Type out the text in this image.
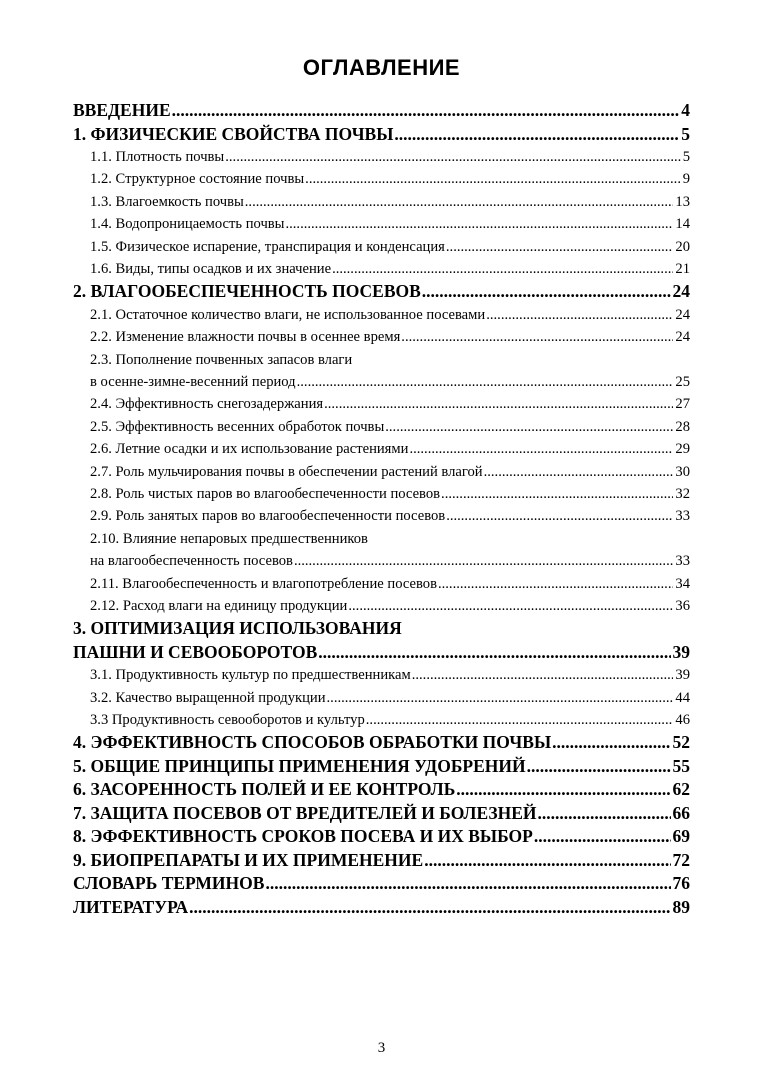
ОГЛАВЛЕНИЕ
ВВЕДЕНИЕ .....	4
1. ФИЗИЧЕСКИЕ СВОЙСТВА ПОЧВЫ .....	5
1.1. Плотность почвы .....	5
1.2. Структурное состояние почвы .....	9
1.3. Влагоемкость почвы .....	13
1.4. Водопроницаемость почвы .....	14
1.5. Физическое испарение, транспирация и конденсация .....	20
1.6. Виды, типы осадков и их значение .....	21
2. ВЛАГООБЕСПЕЧЕННОСТЬ ПОСЕВОВ .....	24
2.1. Остаточное количество влаги, не использованное посевами .....	24
2.2. Изменение влажности почвы в осеннее время .....	24
2.3. Пополнение почвенных запасов влаги
в осенне-зимне-весенний период .....	25
2.4. Эффективность снегозадержания .....	27
2.5. Эффективность весенних обработок почвы .....	28
2.6. Летние осадки и их использование растениями .....	29
2.7. Роль мульчирования почвы в обеспечении растений влагой .....	30
2.8. Роль чистых паров во влагообеспеченности посевов .....	32
2.9. Роль занятых паров во влагообеспеченности посевов .....	33
2.10. Влияние непаровых предшественников
на влагообеспеченность посевов .....	33
2.11. Влагообеспеченность и влагопотребление посевов .....	34
2.12. Расход влаги на единицу продукции .....	36
3. ОПТИМИЗАЦИЯ ИСПОЛЬЗОВАНИЯ
ПАШНИ И СЕВООБОРОТОВ .....	39
3.1. Продуктивность культур по предшественникам .....	39
3.2. Качество выращенной продукции .....	44
3.3 Продуктивность севооборотов и культур .....	46
4. ЭФФЕКТИВНОСТЬ СПОСОБОВ ОБРАБОТКИ ПОЧВЫ .....	52
5. ОБЩИЕ ПРИНЦИПЫ ПРИМЕНЕНИЯ УДОБРЕНИЙ .....	55
6. ЗАСОРЕННОСТЬ ПОЛЕЙ И ЕЕ КОНТРОЛЬ .....	62
7. ЗАЩИТА ПОСЕВОВ ОТ ВРЕДИТЕЛЕЙ И БОЛЕЗНЕЙ .....	66
8. ЭФФЕКТИВНОСТЬ СРОКОВ ПОСЕВА И ИХ ВЫБОР .....	69
9. БИОПРЕПАРАТЫ И ИХ ПРИМЕНЕНИЕ .....	72
СЛОВАРЬ ТЕРМИНОВ .....	76
ЛИТЕРАТУРА .....	89
3
